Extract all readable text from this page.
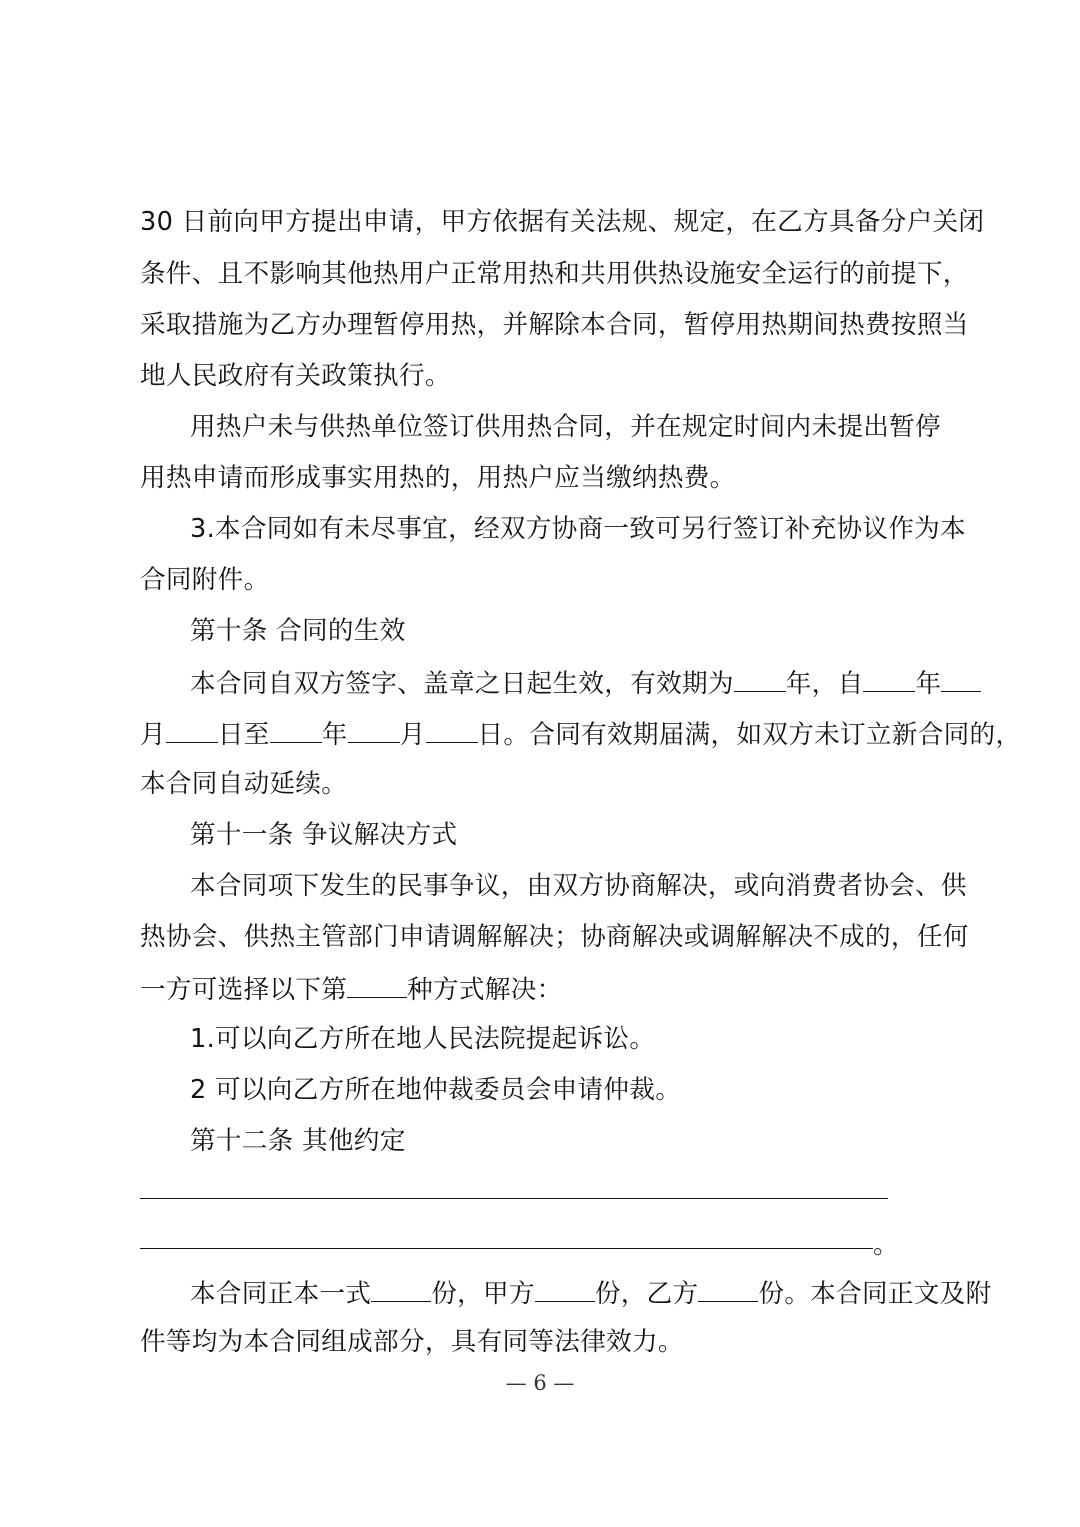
30 日前向甲方提出申请，甲方依据有关法规、规定，在乙方具备分户关闭
条件、且不影响其他热用户正常用热和共用供热设施安全运行的前提下，
采取措施为乙方办理暂停用热，并解除本合同，暂停用热期间热费按照当
地人民政府有关政策执行。
用热户未与供热单位签订供用热合同，并在规定时间内未提出暂停
用热申请而形成事实用热的，用热户应当缴纳热费。
3.本合同如有未尽事宜，经双方协商一致可另行签订补充协议作为本
合同附件。
第十条 合同的生效
本合同自双方签字、盖章之日起生效，有效期为 年，自 年
月 日至 年 月 日。合同有效期届满，如双方未订立新合同的，
本合同自动延续。
第十一条 争议解决方式
本合同项下发生的民事争议，由双方协商解决，或向消费者协会、供
热协会、供热主管部门申请调解解决；协商解决或调解解决不成的，任何
一方可选择以下第 种方式解决：
1.可以向乙方所在地人民法院提起诉讼。
2 可以向乙方所在地仲裁委员会申请仲裁。
第十二条 其他约定
。
本合同正本一式 份，甲方 份，乙方 份。本合同正文及附
件等均为本合同组成部分，具有同等法律效力。
— 6 —
